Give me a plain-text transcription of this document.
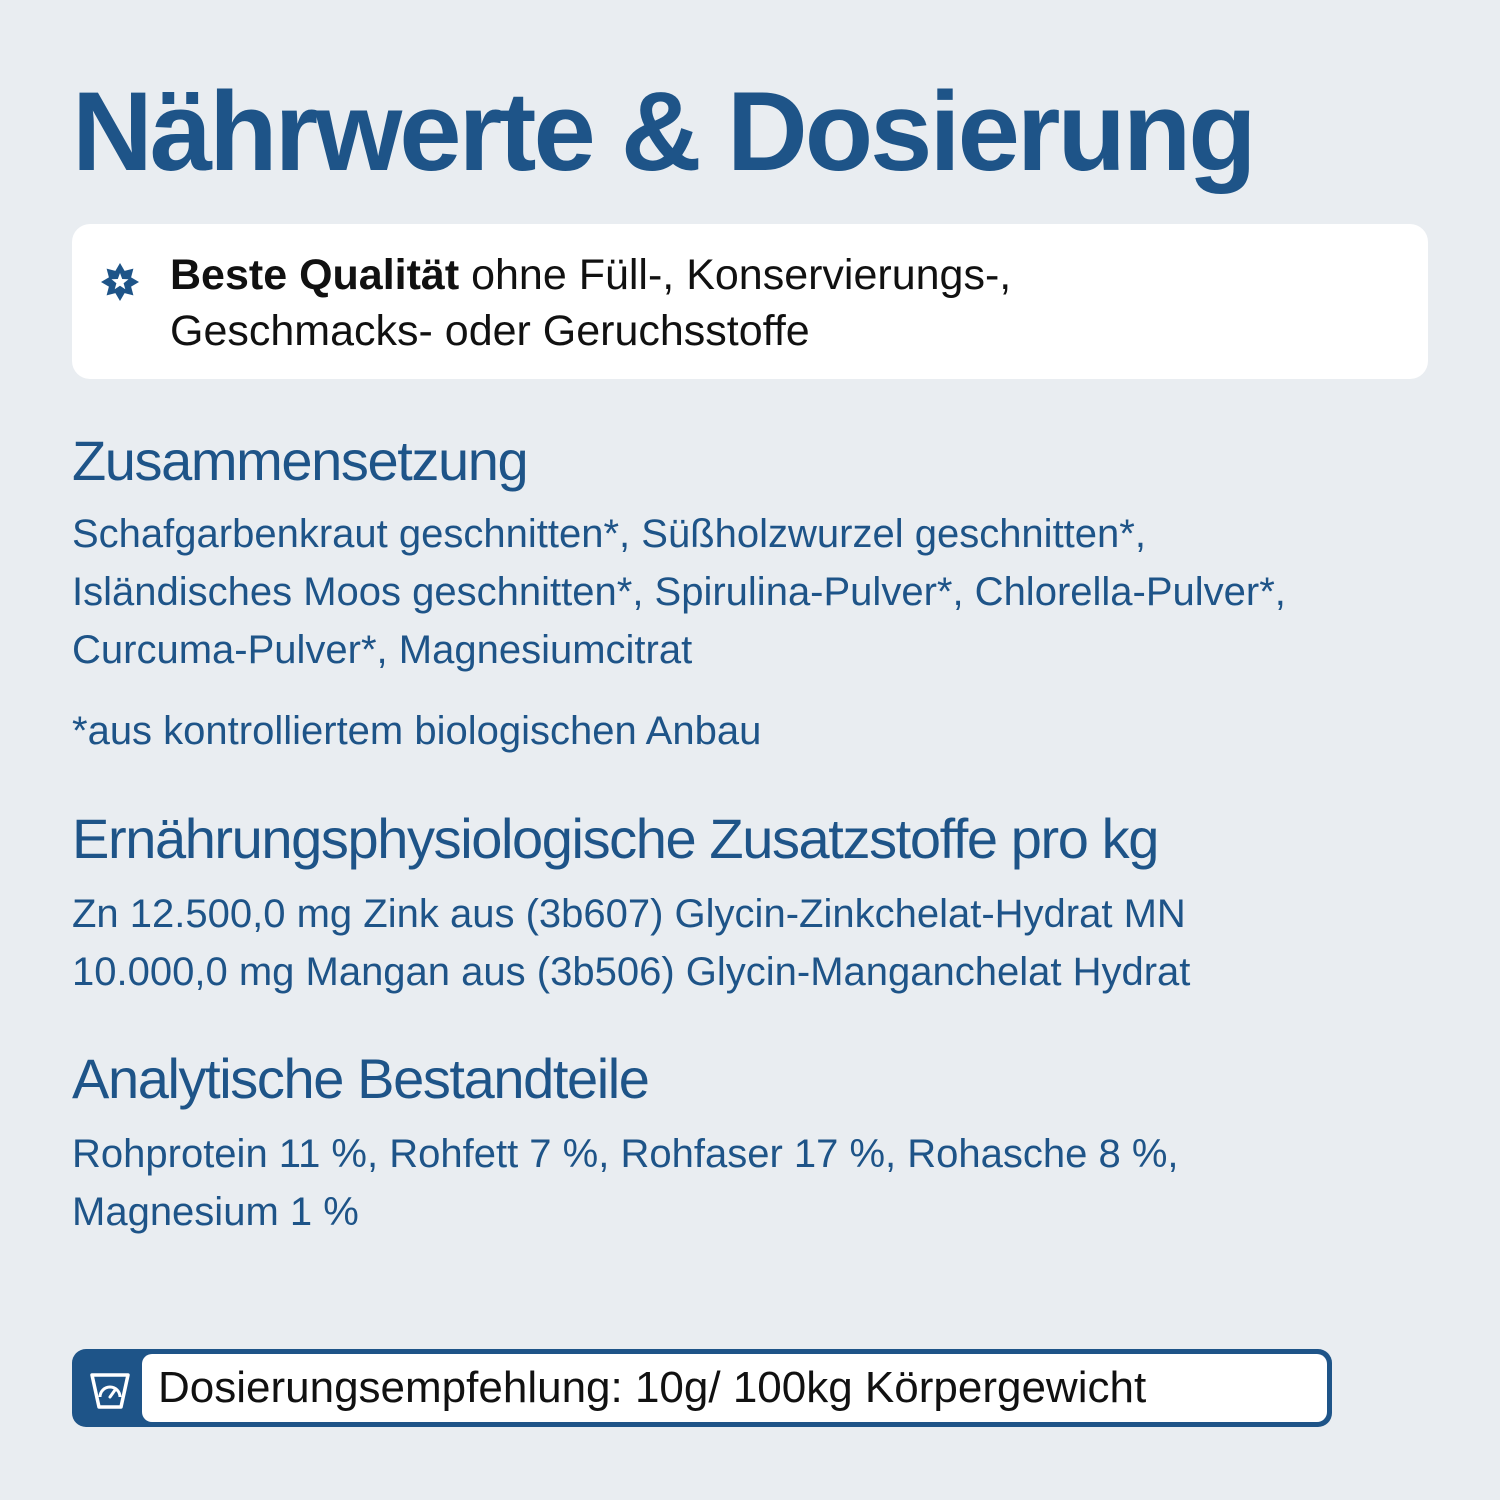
Nährwerte & Dosierung
Beste Qualität ohne Füll-, Konservierungs-,
Geschmacks- oder Geruchsstoffe
Zusammensetzung

Schafgarbenkraut geschnitten*, Süßholzwurzel geschnitten*,
Isländisches Moos geschnitten*, Spirulina-Pulver*, Chlorella-Pulver*,
Curcuma-Pulver*, Magnesiumcitrat

*aus kontrolliertem biologischen Anbau

Ernährungsphysiologische Zusatzstoffe pro kg

Zn 12.500,0 mg Zink aus (3b607) Glycin-Zinkchelat-Hydrat MN
10.000,0 mg Mangan aus (3b506) Glycin-Manganchelat Hydrat

Analytische Bestandteile

Rohprotein 11 %, Rohfett 7 %, Rohfaser 17 %, Rohasche 8 %,
Magnesium 1 %

Dosierungsempfehlung: 10g/ 100kg Körpergewicht
